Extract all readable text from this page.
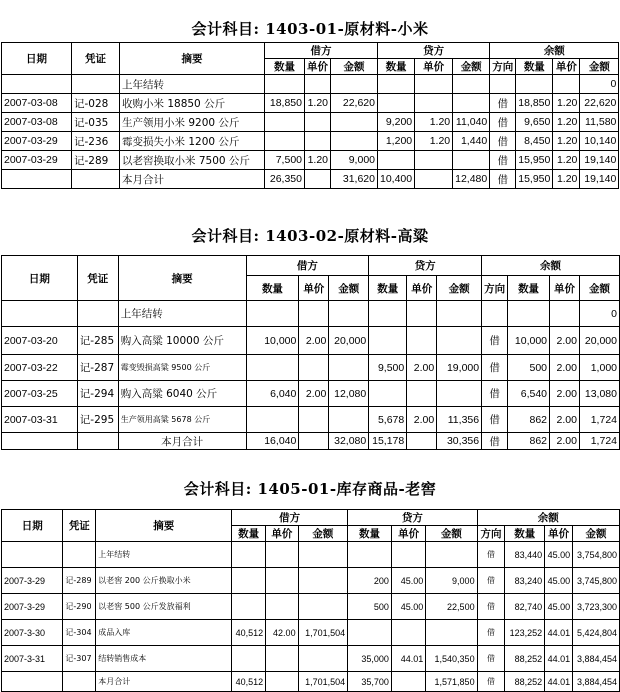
会计科目: 1403-01-原材料-小米
日期	凭证	摘要	借方			贷方			余额			
			数量	单价	金额	数量	单价	金额	方向	数量	单价	金额
		上年结转										0
2007-03-08	记-028	收购小米 18850 公斤	18,850	1.20	22,620				借	18,850	1.20	22,620
2007-03-08	记-035	生产领用小米 9200 公斤				9,200	1.20	11,040	借	9,650	1.20	11,580
2007-03-29	记-236	霉变损失小米 1200 公斤				1,200	1.20	1,440	借	8,450	1.20	10,140
2007-03-29	记-289	以老窖换取小米 7500 公斤	7,500	1.20	9,000				借	15,950	1.20	19,140
		本月合计	26,350		31,620	10,400		12,480	借	15,950	1.20	19,140
会计科目: 1403-02-原材料-高粱
日期	凭证	摘要	借方			贷方			余额			
			数量	单价	金额	数量	单价	金额	方向	数量	单价	金额
		上年结转										0
2007-03-20	记-285	购入高粱 10000 公斤	10,000	2.00	20,000				借	10,000	2.00	20,000
2007-03-22	记-287	霉变毁损高粱 9500 公斤				9,500	2.00	19,000	借	500	2.00	1,000
2007-03-25	记-294	购入高粱 6040 公斤	6,040	2.00	12,080				借	6,540	2.00	13,080
2007-03-31	记-295	生产领用高粱 5678 公斤				5,678	2.00	11,356	借	862	2.00	1,724
		本月合计	16,040		32,080	15,178		30,356	借	862	2.00	1,724
会计科目: 1405-01-库存商品-老窖
日期	凭证	摘要	借方			贷方			余额			
			数量	单价	金额	数量	单价	金额	方向	数量	单价	金额
		上年结转							借	83,440	45.00	3,754,800
2007-3-29	记-289	以老窖 200 公斤换取小米				200	45.00	9,000	借	83,240	45.00	3,745,800
2007-3-29	记-290	以老窖 500 公斤发放福利				500	45.00	22,500	借	82,740	45.00	3,723,300
2007-3-30	记-304	成品入库	40,512	42.00	1,701,504				借	123,252	44.01	5,424,804
2007-3-31	记-307	结转销售成本				35,000	44.01	1,540,350	借	88,252	44.01	3,884,454
		本月合计	40,512		1,701,504	35,700		1,571,850	借	88,252	44.01	3,884,454
